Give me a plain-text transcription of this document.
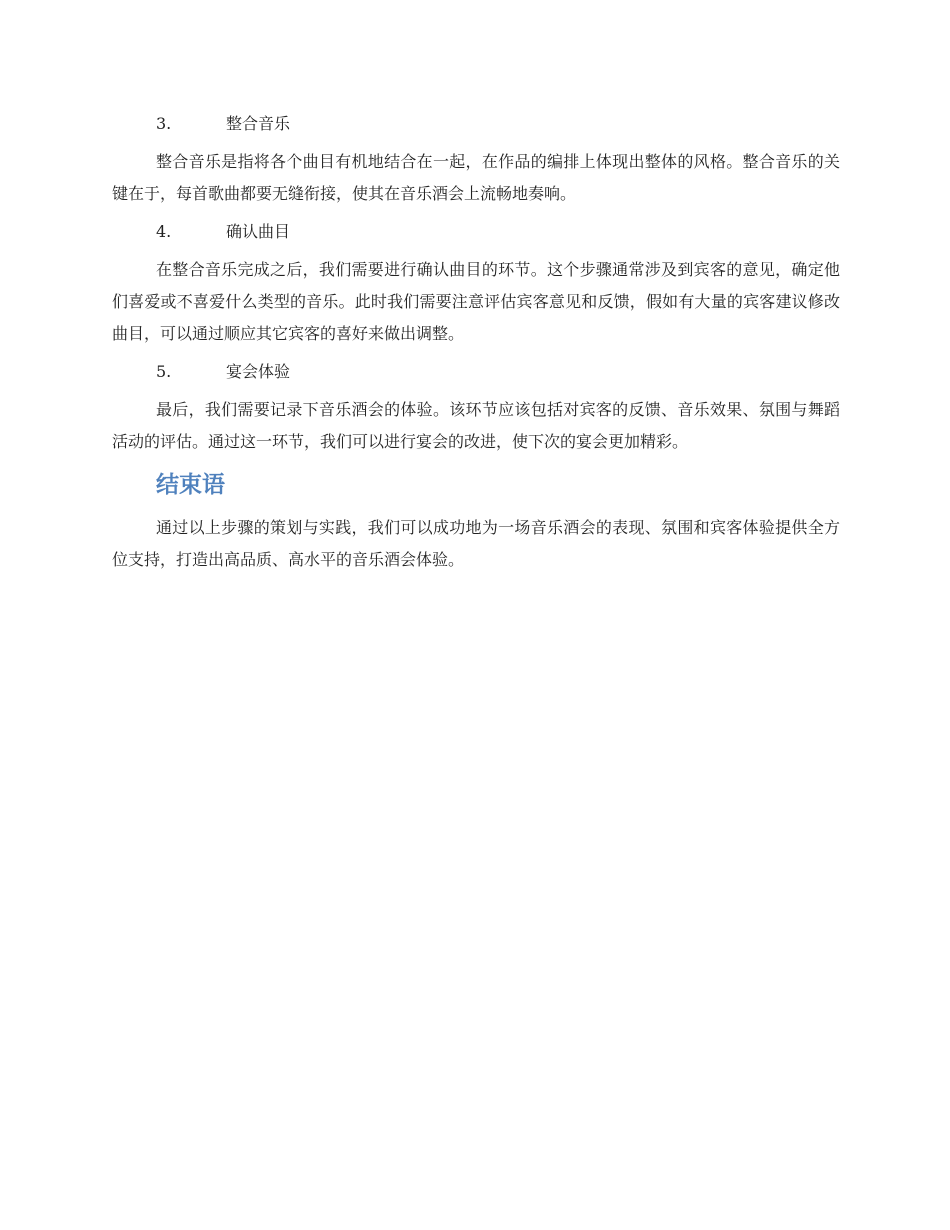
3.	整合音乐

整合音乐是指将各个曲目有机地结合在一起，在作品的编排上体现出整体的风格。整合音乐的关键在于，每首歌曲都要无缝衔接，使其在音乐酒会上流畅地奏响。

4.	确认曲目

在整合音乐完成之后，我们需要进行确认曲目的环节。这个步骤通常涉及到宾客的意见，确定他们喜爱或不喜爱什么类型的音乐。此时我们需要注意评估宾客意见和反馈，假如有大量的宾客建议修改曲目，可以通过顺应其它宾客的喜好来做出调整。

5.	宴会体验

最后，我们需要记录下音乐酒会的体验。该环节应该包括对宾客的反馈、音乐效果、氛围与舞蹈活动的评估。通过这一环节，我们可以进行宴会的改进，使下次的宴会更加精彩。

结束语

通过以上步骤的策划与实践，我们可以成功地为一场音乐酒会的表现、氛围和宾客体验提供全方位支持，打造出高品质、高水平的音乐酒会体验。
